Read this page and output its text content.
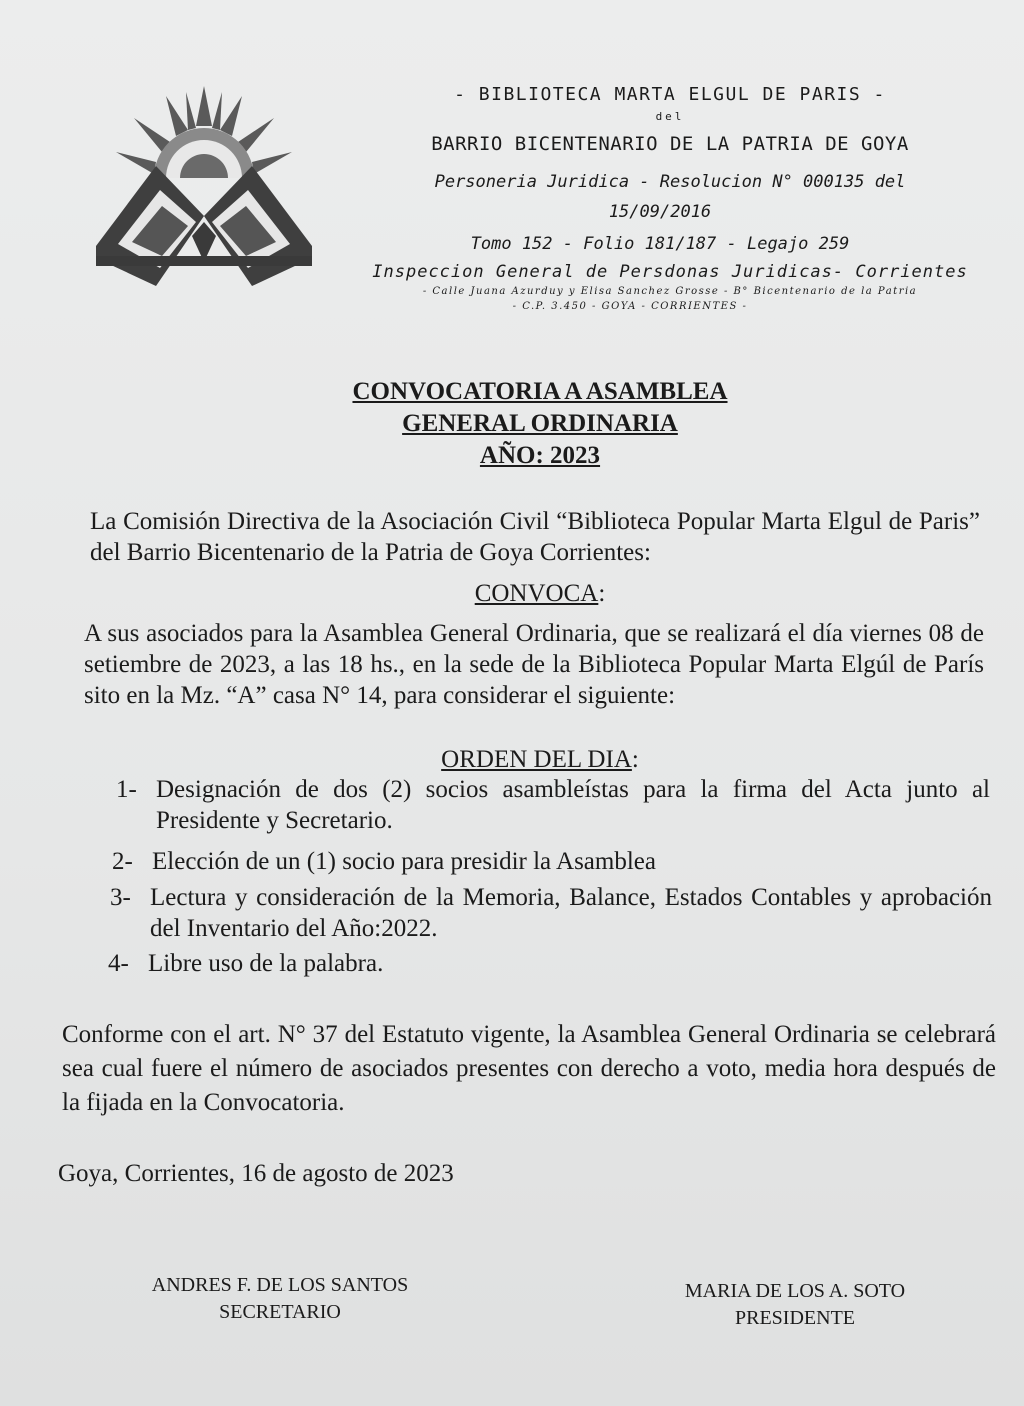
- BIBLIOTECA MARTA ELGUL DE PARIS -
del
BARRIO BICENTENARIO DE LA PATRIA DE GOYA
Personeria Juridica - Resolucion N° 000135 del
15/09/2016
Tomo 152 - Folio 181/187 - Legajo 259
Inspeccion General de Persdonas Juridicas- Corrientes
- Calle Juana Azurduy y Elisa Sanchez Grosse - B° Bicentenario de la Patria
- C.P. 3.450 - GOYA - CORRIENTES -
CONVOCATORIA A ASAMBLEA
GENERAL ORDINARIA
AÑO: 2023
La Comisión Directiva de la Asociación Civil “Biblioteca Popular Marta Elgul de Paris” del Barrio Bicentenario de la Patria de Goya Corrientes:
CONVOCA:
A sus asociados para la Asamblea General Ordinaria, que se realizará el día viernes 08 de setiembre de 2023, a las 18 hs., en la sede de la Biblioteca Popular Marta Elgúl de París sito en la Mz. “A” casa N° 14, para considerar el siguiente:
ORDEN DEL DIA:
1- Designación de dos (2) socios asambleístas para la firma del Acta junto al Presidente y Secretario.
2- Elección de un (1) socio para presidir la Asamblea
3- Lectura y consideración de la Memoria, Balance, Estados Contables y aprobación del Inventario del Año:2022.
4- Libre uso de la palabra.
Conforme con el art. N° 37 del Estatuto vigente, la Asamblea General Ordinaria se celebrará sea cual fuere el número de asociados presentes con derecho a voto, media hora después de la fijada en la Convocatoria.
Goya, Corrientes, 16 de agosto de 2023
ANDRES F. DE LOS SANTOS
SECRETARIO
MARIA DE LOS A. SOTO
PRESIDENTE
